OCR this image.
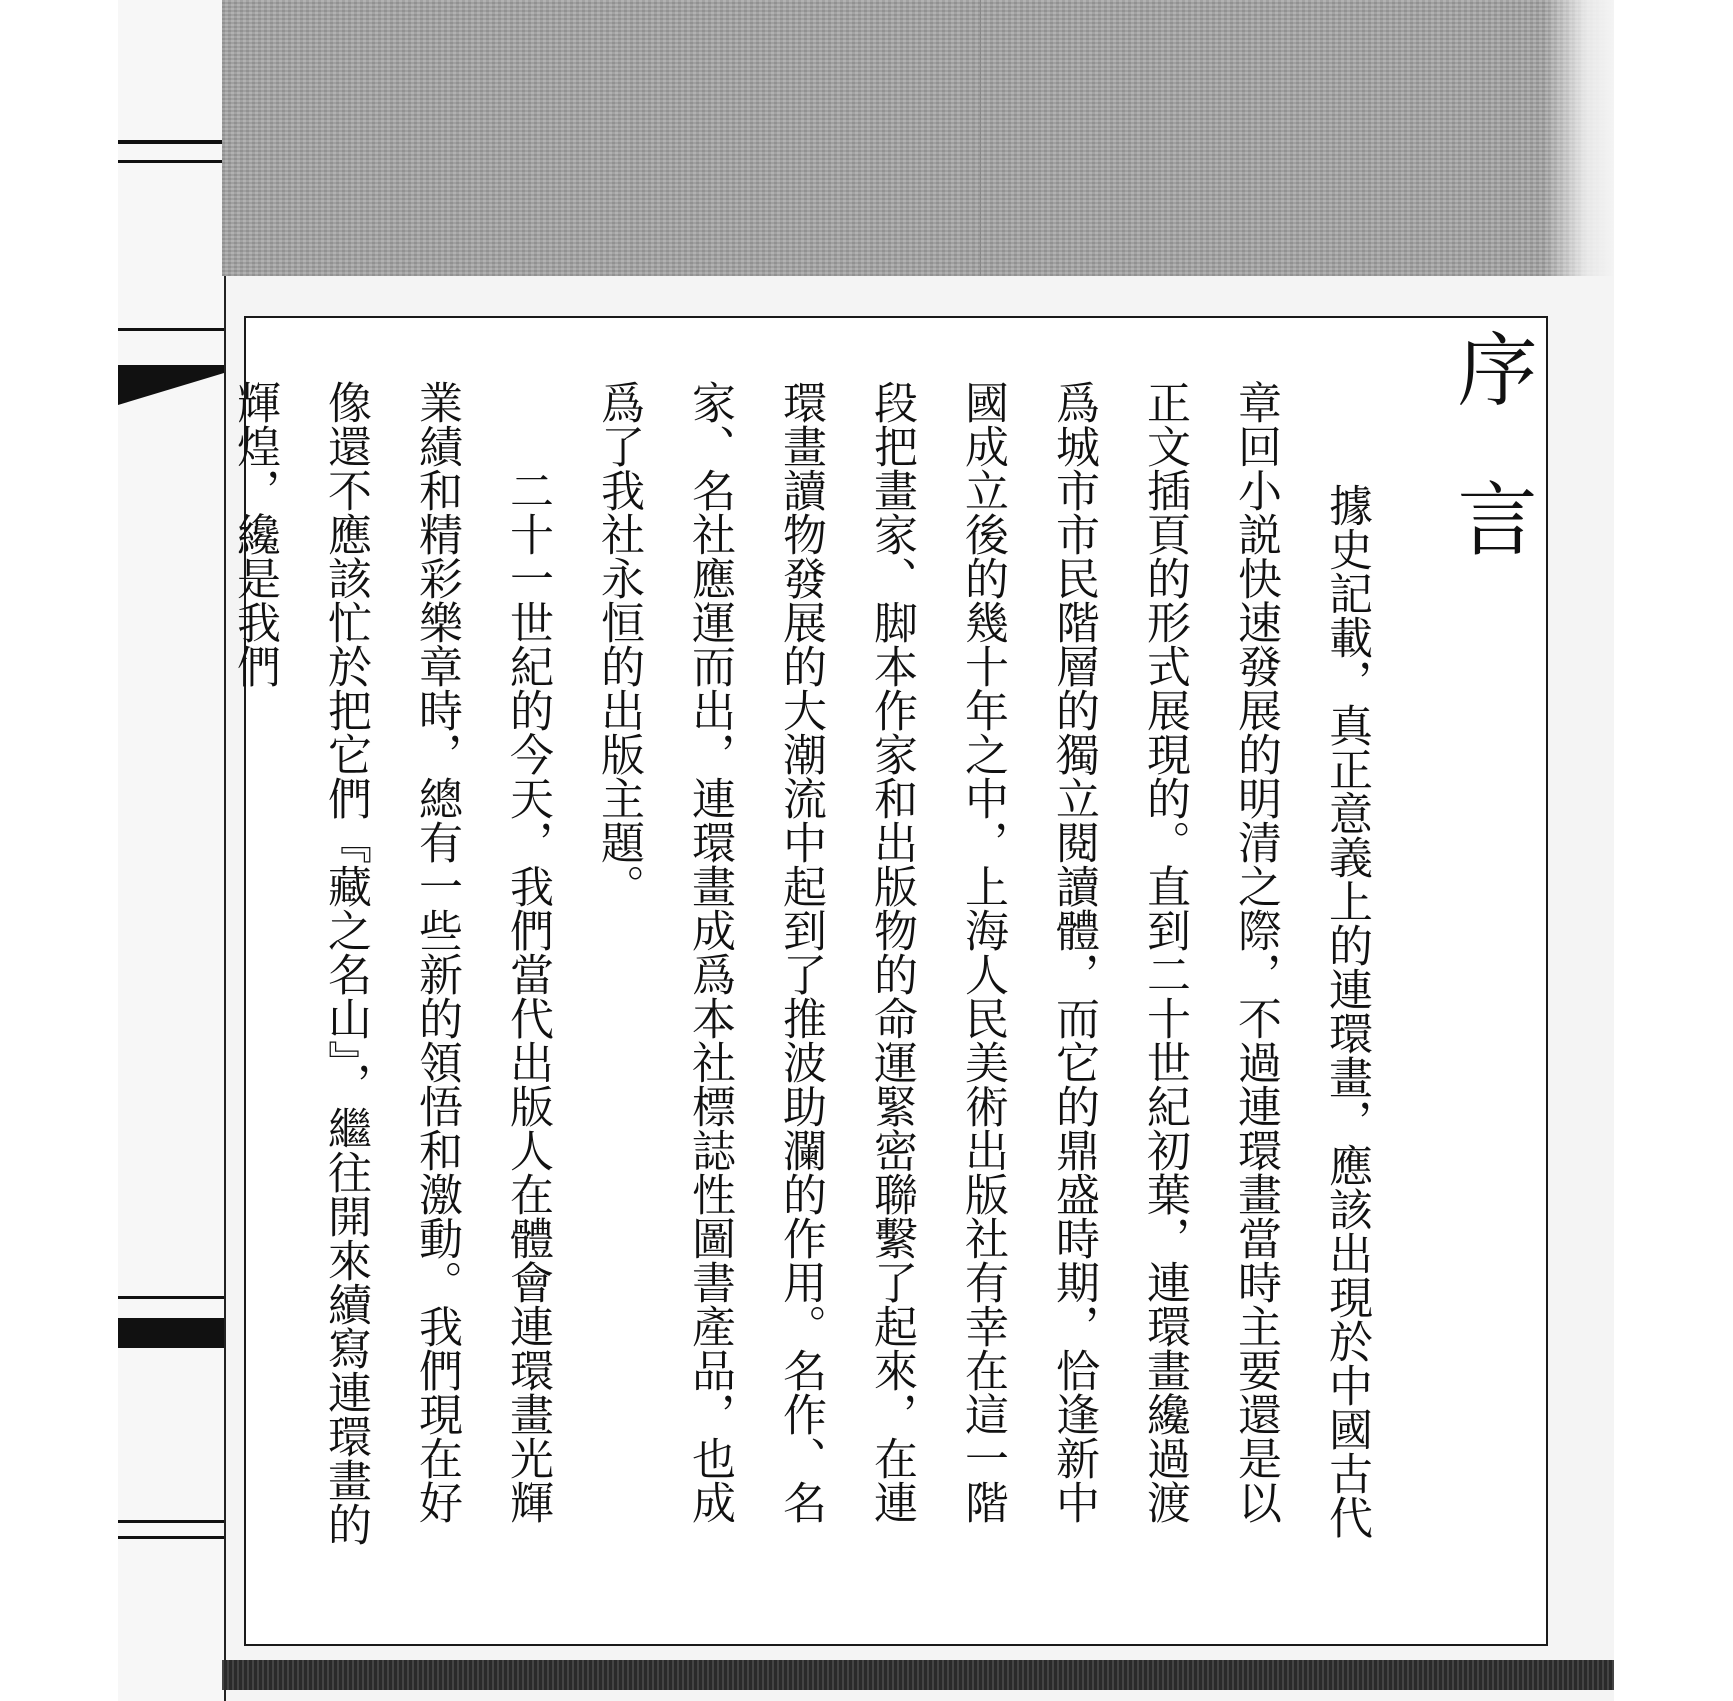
序 言

據史記載，真正意義上的連環畫，應該出現於中國古代章回小説快速發展的明清之際，不過連環畫當時主要還是以正文插頁的形式展現的。直到二十世紀初葉，連環畫纔過渡爲城市市民階層的獨立閱讀體，而它的鼎盛時期，恰逢新中國成立後的幾十年之中，上海人民美術出版社有幸在這一階段把畫家、脚本作家和出版物的命運緊密聯繫了起來，在連環畫讀物發展的大潮流中起到了推波助瀾的作用。名作、名家、名社應運而出，連環畫成爲本社標誌性圖書產品，也成爲了我社永恒的出版主題。

二十一世紀的今天，我們當代出版人在體會連環畫光輝業績和精彩樂章時，總有一些新的領悟和激動。我們現在好像還不應該忙於把它們『藏之名山』，繼往開來續寫連環畫的輝煌，纔是我們
